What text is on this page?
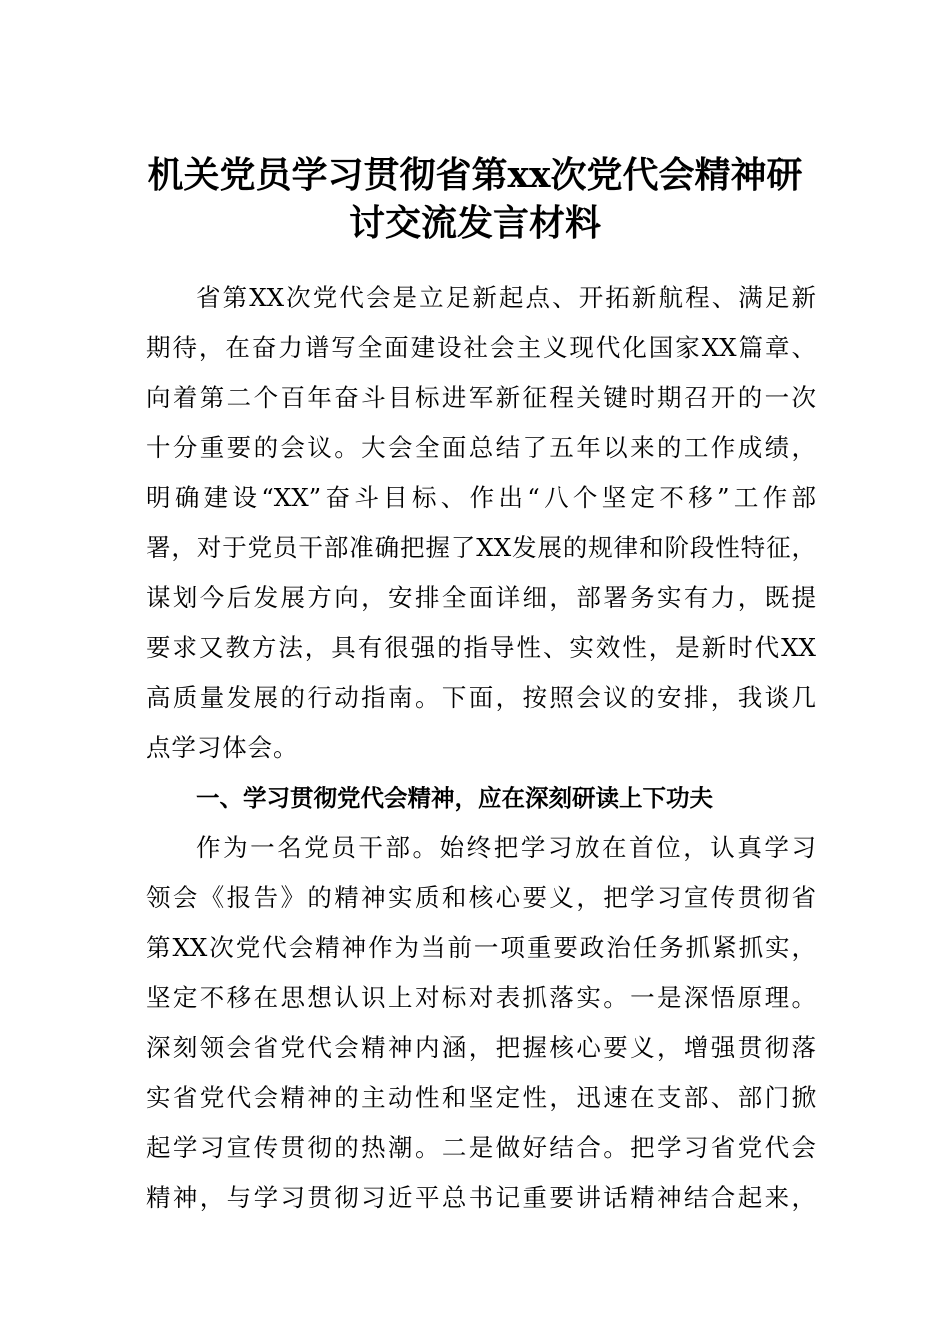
机关党员学习贯彻省第xx次党代会精神研
讨交流发言材料
省第XX次党代会是立足新起点、开拓新航程、满足新
期待，在奋力谱写全面建设社会主义现代化国家XX篇章、
向着第二个百年奋斗目标进军新征程关键时期召开的一次
十分重要的会议。大会全面总结了五年以来的工作成绩，
明确建设“XX”奋斗目标、作出“八个坚定不移”工作部
署，对于党员干部准确把握了XX发展的规律和阶段性特征，
谋划今后发展方向，安排全面详细，部署务实有力，既提
要求又教方法，具有很强的指导性、实效性，是新时代XX
高质量发展的行动指南。下面，按照会议的安排，我谈几
点学习体会。
一、学习贯彻党代会精神，应在深刻研读上下功夫
作为一名党员干部。始终把学习放在首位，认真学习
领会《报告》的精神实质和核心要义，把学习宣传贯彻省
第XX次党代会精神作为当前一项重要政治任务抓紧抓实，
坚定不移在思想认识上对标对表抓落实。一是深悟原理。
深刻领会省党代会精神内涵，把握核心要义，增强贯彻落
实省党代会精神的主动性和坚定性，迅速在支部、部门掀
起学习宣传贯彻的热潮。二是做好结合。把学习省党代会
精神，与学习贯彻习近平总书记重要讲话精神结合起来，
